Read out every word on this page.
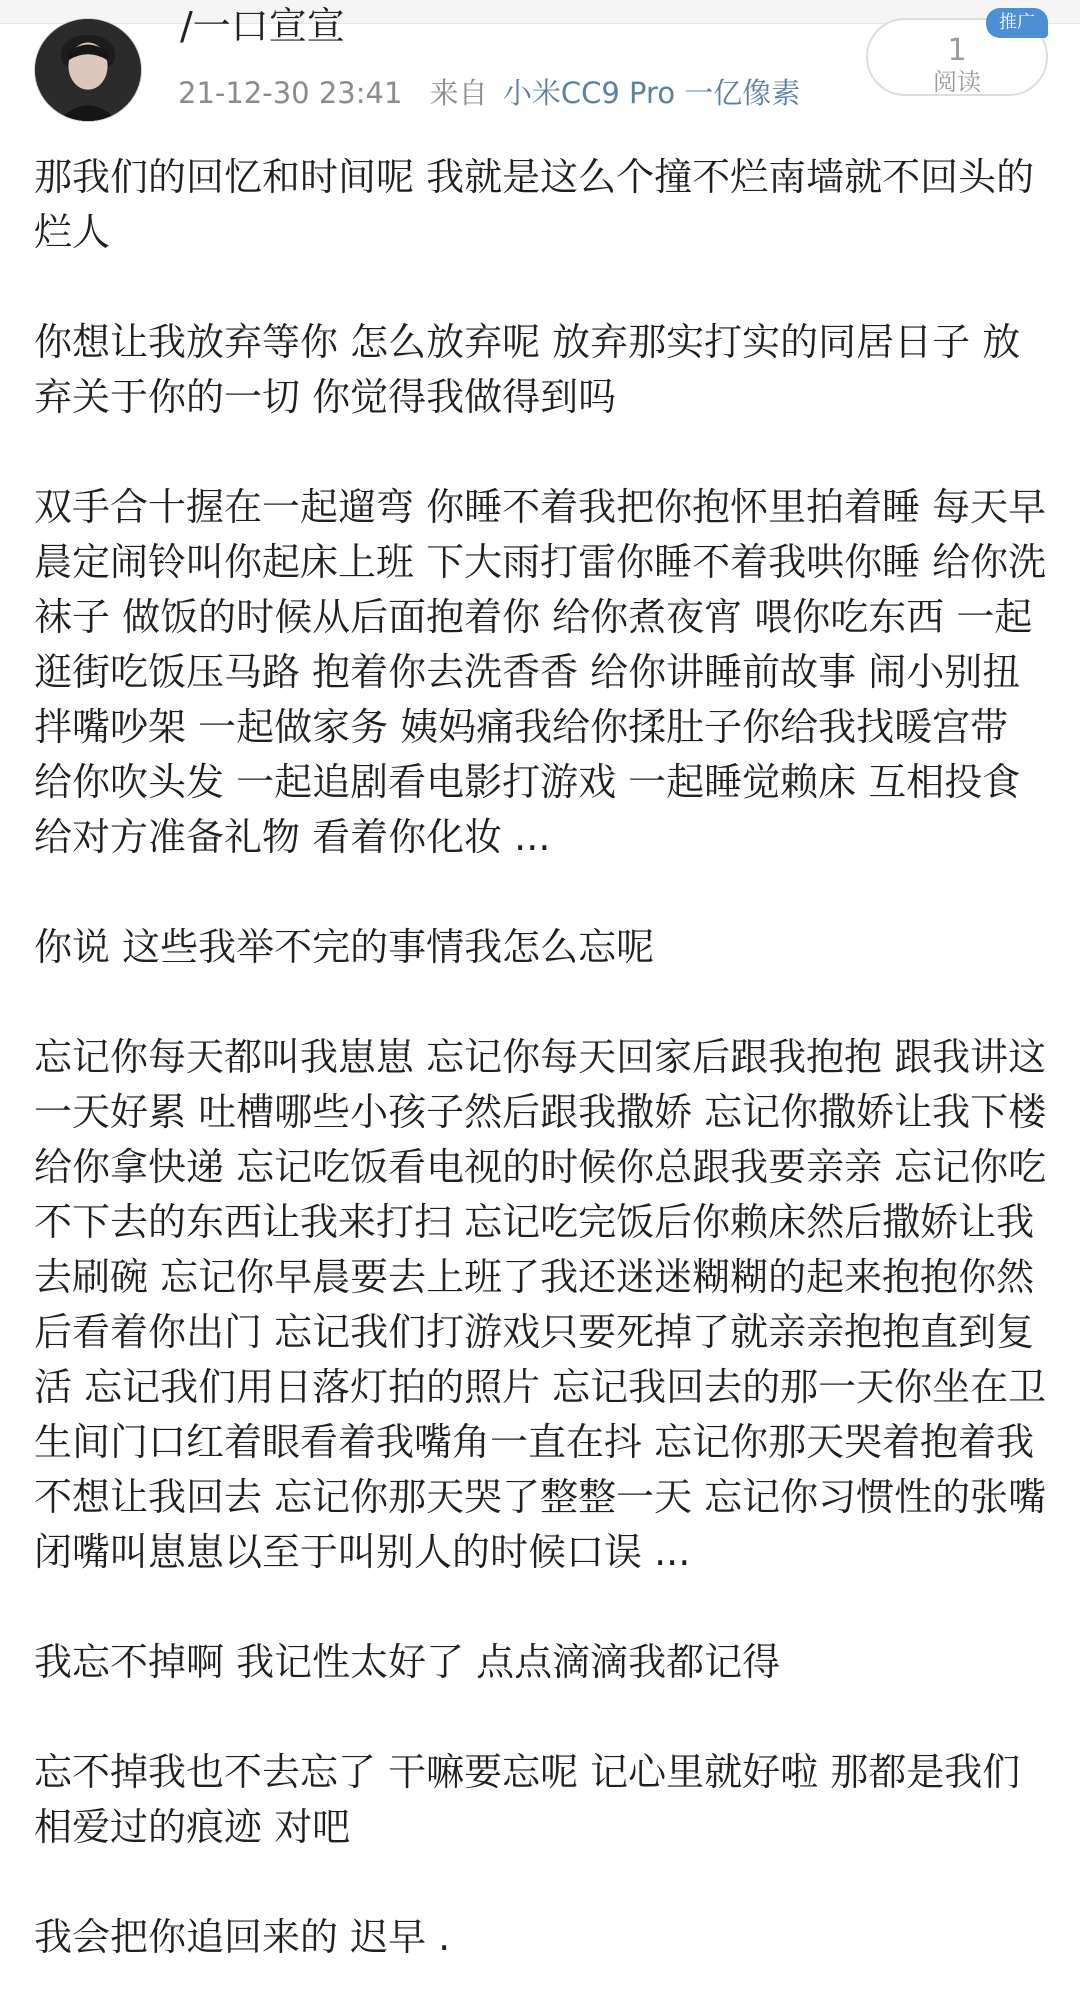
/一口宣宣
21-12-30 23:41 来自 小米CC9 Pro 一亿像素
1
阅读
推广

那我们的回忆和时间呢 我就是这么个撞不烂南墙就不回头的烂人

你想让我放弃等你 怎么放弃呢 放弃那实打实的同居日子 放弃关于你的一切 你觉得我做得到吗

双手合十握在一起遛弯 你睡不着我把你抱怀里拍着睡 每天早晨定闹铃叫你起床上班 下大雨打雷你睡不着我哄你睡 给你洗袜子 做饭的时候从后面抱着你 给你煮夜宵 喂你吃东西 一起逛街吃饭压马路 抱着你去洗香香 给你讲睡前故事 闹小别扭 拌嘴吵架 一起做家务 姨妈痛我给你揉肚子你给我找暖宫带 给你吹头发 一起追剧看电影打游戏 一起睡觉赖床 互相投食 给对方准备礼物 看着你化妆 ...

你说 这些我举不完的事情我怎么忘呢

忘记你每天都叫我崽崽 忘记你每天回家后跟我抱抱 跟我讲这一天好累 吐槽哪些小孩子然后跟我撒娇 忘记你撒娇让我下楼给你拿快递 忘记吃饭看电视的时候你总跟我要亲亲 忘记你吃不下去的东西让我来打扫 忘记吃完饭后你赖床然后撒娇让我去刷碗 忘记你早晨要去上班了我还迷迷糊糊的起来抱抱你然后看着你出门 忘记我们打游戏只要死掉了就亲亲抱抱直到复活 忘记我们用日落灯拍的照片 忘记我回去的那一天你坐在卫生间门口红着眼看着我嘴角一直在抖 忘记你那天哭着抱着我不想让我回去 忘记你那天哭了整整一天 忘记你习惯性的张嘴闭嘴叫崽崽以至于叫别人的时候口误 ...

我忘不掉啊 我记性太好了 点点滴滴我都记得

忘不掉我也不去忘了 干嘛要忘呢 记心里就好啦 那都是我们相爱过的痕迹 对吧

我会把你追回来的 迟早 .
